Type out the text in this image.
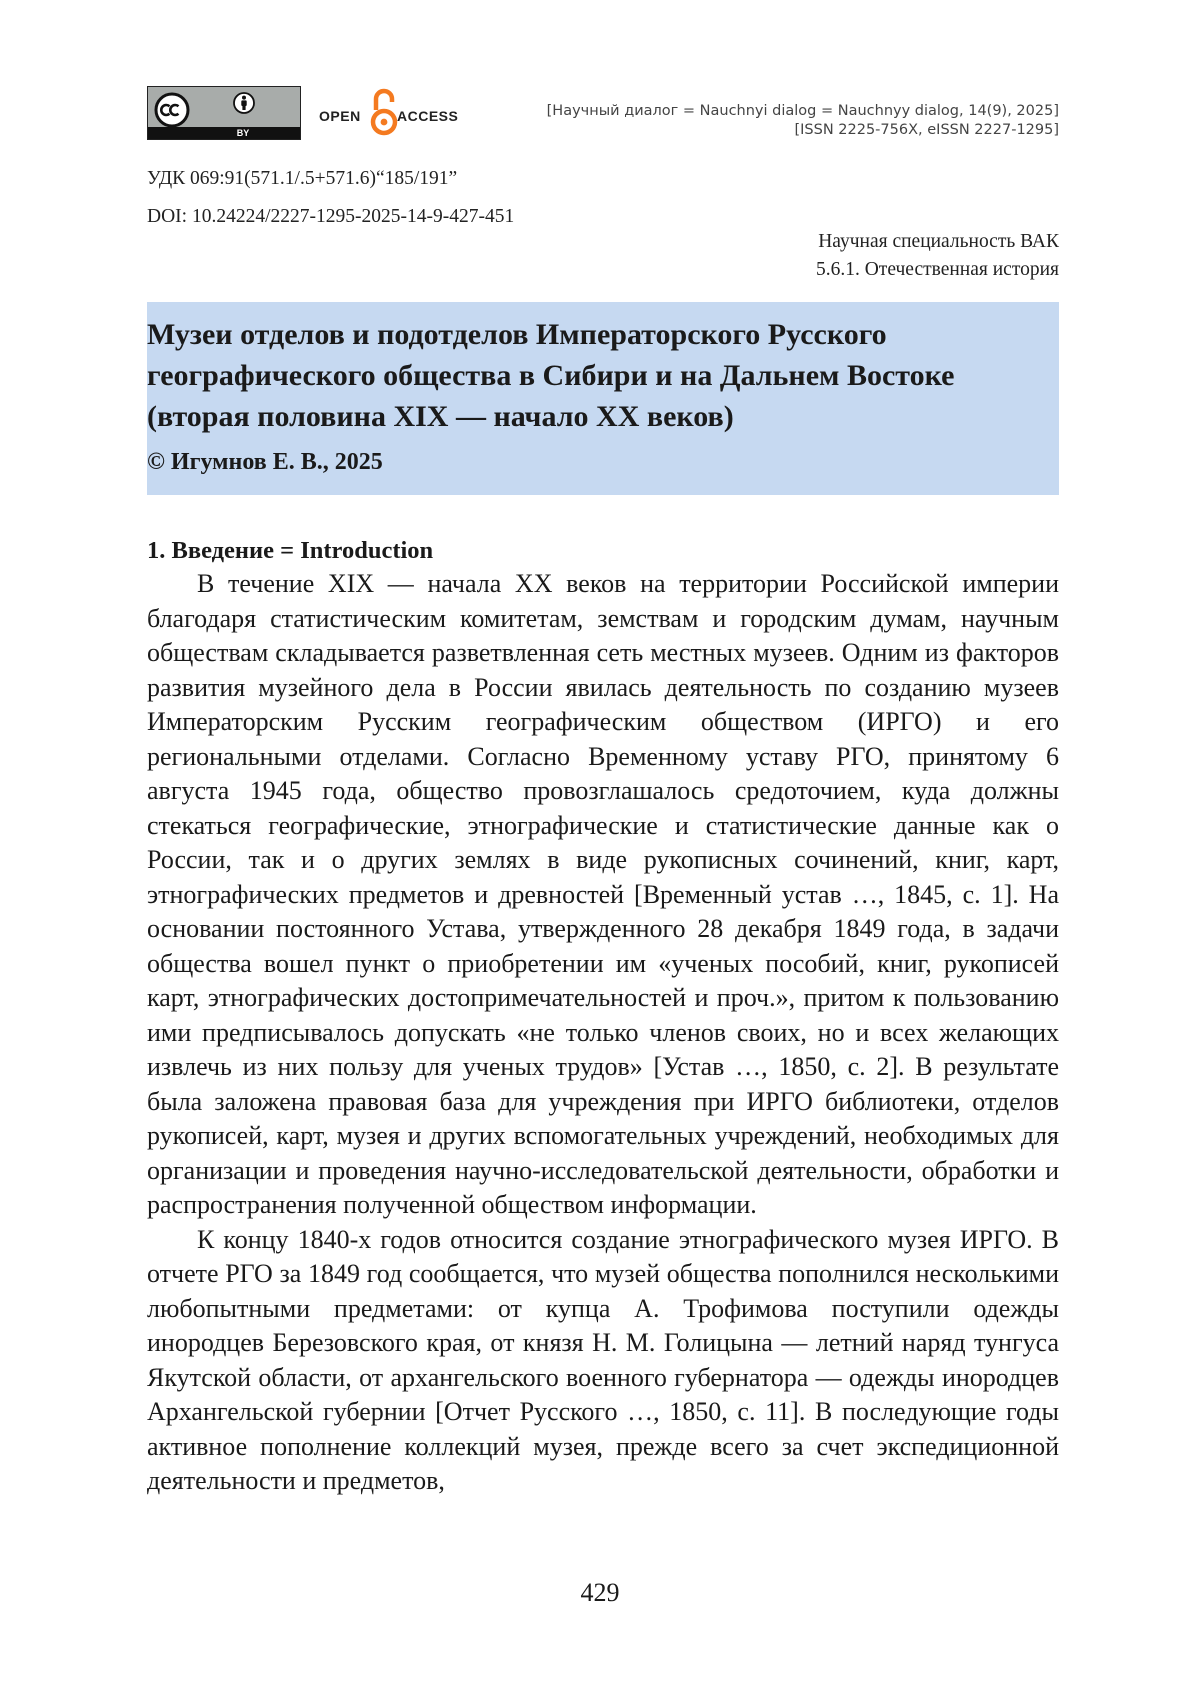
BY
OPEN	ACCESS	[Научный диалог = Nauchnyi dialog = Nauchnyy dialog, 14(9), 2025]
[ISSN 2225-756X, eISSN 2227-1295]
УДК 069:91(571.1/.5+571.6)“185/191”
DOI: 10.24224/2227-1295-2025-14-9-427-451
Научная специальность ВАК
5.6.1. Отечественная история
Музеи отделов и подотделов Императорского Русского географического общества в Сибири и на Дальнем Востоке (вторая половина XIX — начало XX веков)
© Игумнов Е. В., 2025
1. Введение = Introduction

В течение XIX — начала XX веков на территории Российской империи благодаря статистическим комитетам, земствам и городским думам, научным обществам складывается разветвленная сеть местных музеев. Одним из факторов развития музейного дела в России явилась деятельность по созданию музеев Императорским Русским географическим обществом (ИРГО) и его региональными отделами. Согласно Временному уставу РГО, принятому 6 августа 1945 года, общество провозглашалось средоточием, куда должны стекаться географические, этнографические и статистические данные как о России, так и о других землях в виде рукописных сочинений, книг, карт, этнографических предметов и древностей [Временный устав …, 1845, с. 1]. На основании постоянного Устава, утвержденного 28 декабря 1849 года, в задачи общества вошел пункт о приобретении им «ученых пособий, книг, рукописей карт, этнографических достопримечательностей и проч.», притом к пользованию ими предписывалось допускать «не только членов своих, но и всех желающих извлечь из них пользу для ученых трудов» [Устав …, 1850, с. 2]. В результате была заложена правовая база для учреждения при ИРГО библиотеки, отделов рукописей, карт, музея и других вспомогательных учреждений, необходимых для организации и проведения научно-исследовательской деятельности, обработки и распространения полученной обществом информации.

К концу 1840-х годов относится создание этнографического музея ИРГО. В отчете РГО за 1849 год сообщается, что музей общества пополнился несколькими любопытными предметами: от купца А. Трофимова поступили одежды инородцев Березовского края, от князя Н. М. Голицына — летний наряд тунгуса Якутской области, от архангельского военного губернатора — одежды инородцев Архангельской губернии [Отчет Русского …, 1850, с. 11]. В последующие годы активное пополнение коллекций музея, прежде всего за счет экспедиционной деятельности и предметов,

429
